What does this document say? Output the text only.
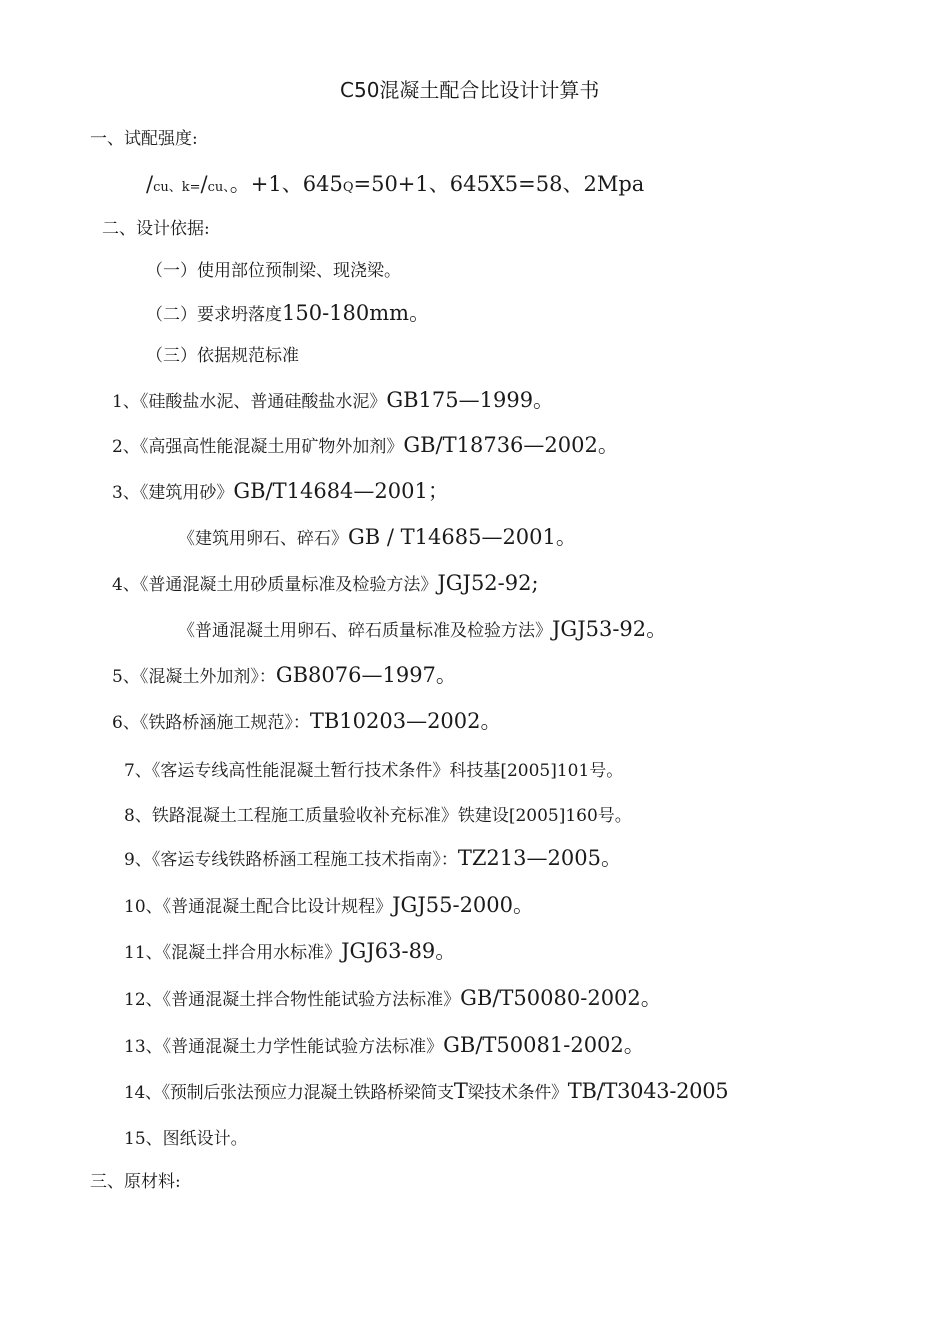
C50混凝土配合比设计计算书
一、试配强度:
/cu、k=/cu、。+1、645Q=50+1、645X5=58、2Mpa
二、设计依据:
（一）使用部位预制梁、现浇梁。
（二）要求坍落度150-180mm。
（三）依据规范标准
1、《硅酸盐水泥、普通硅酸盐水泥》GB175—1999。
2、《高强高性能混凝土用矿物外加剂》GB/T18736—2002。
3、《建筑用砂》GB/T14684—2001；
《建筑用卵石、碎石》GB / T14685—2001。
4、《普通混凝土用砂质量标准及检验方法》JGJ52-92;
《普通混凝土用卵石、碎石质量标准及检验方法》JGJ53-92。
5、《混凝土外加剂》：GB8076—1997。
6、《铁路桥涵施工规范》：TB10203—2002。
7、《客运专线高性能混凝土暂行技术条件》科技基[2005]101号。
8、铁路混凝土工程施工质量验收补充标准》铁建设[2005]160号。
9、《客运专线铁路桥涵工程施工技术指南》：TZ213—2005。
10、《普通混凝土配合比设计规程》JGJ55-2000。
11、《混凝土拌合用水标准》JGJ63-89。
12、《普通混凝土拌合物性能试验方法标准》GB/T50080-2002。
13、《普通混凝土力学性能试验方法标准》GB/T50081-2002。
14、《预制后张法预应力混凝土铁路桥梁简支T梁技术条件》TB/T3043-2005
15、图纸设计。
三、原材料:
